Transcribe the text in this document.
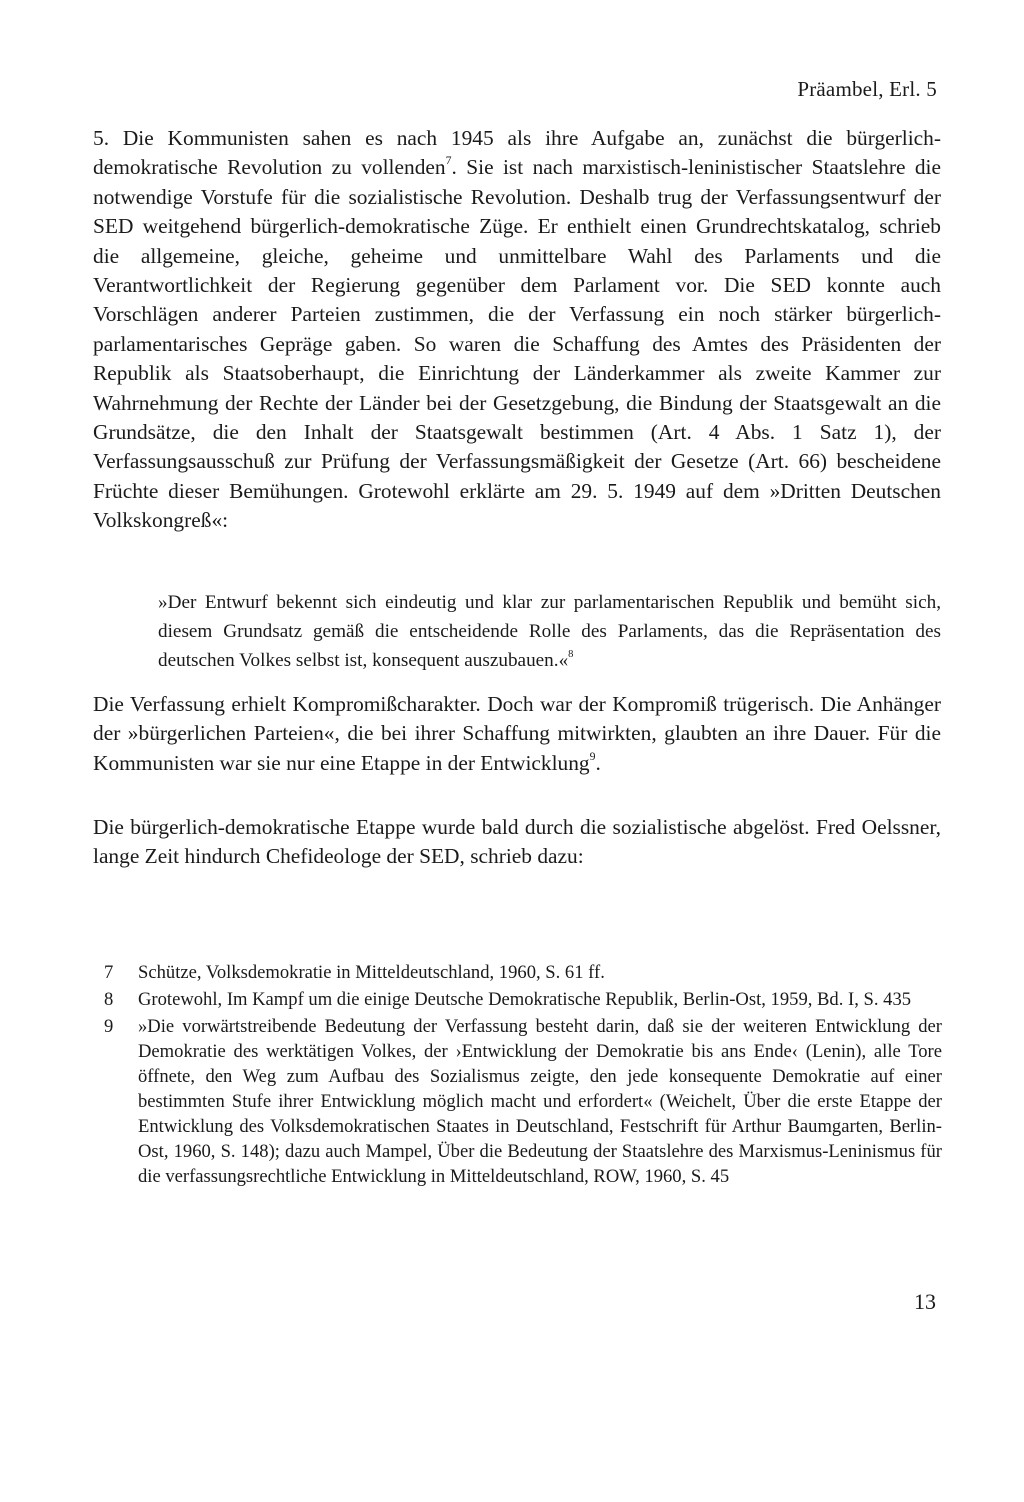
Präambel, Erl. 5

5. Die Kommunisten sahen es nach 1945 als ihre Aufgabe an, zunächst die bürgerlich-demokratische Revolution zu vollenden$^7$. Sie ist nach marxistisch-leninistischer Staatslehre die notwendige Vorstufe für die sozialistische Revolution. Deshalb trug der Verfassungsentwurf der SED weitgehend bürgerlich-demokratische Züge. Er enthielt einen Grundrechtskatalog, schrieb die allgemeine, gleiche, geheime und unmittelbare Wahl des Parlaments und die Verantwortlichkeit der Regierung gegenüber dem Parlament vor. Die SED konnte auch Vorschlägen anderer Parteien zustimmen, die der Verfassung ein noch stärker bürgerlich-parlamentarisches Gepräge gaben. So waren die Schaffung des Amtes des Präsidenten der Republik als Staatsoberhaupt, die Einrichtung der Länderkammer als zweite Kammer zur Wahrnehmung der Rechte der Länder bei der Gesetzgebung, die Bindung der Staatsgewalt an die Grundsätze, die den Inhalt der Staatsgewalt bestimmen (Art. 4 Abs. 1 Satz 1), der Verfassungsausschuß zur Prüfung der Verfassungsmäßigkeit der Gesetze (Art. 66) bescheidene Früchte dieser Bemühungen. Grotewohl erklärte am 29. 5. 1949 auf dem »Dritten Deutschen Volkskongreß«:

»Der Entwurf bekennt sich eindeutig und klar zur parlamentarischen Republik und bemüht sich, diesem Grundsatz gemäß die entscheidende Rolle des Parlaments, das die Repräsentation des deutschen Volkes selbst ist, konsequent auszubauen.«$^8$

Die Verfassung erhielt Kompromißcharakter. Doch war der Kompromiß trügerisch. Die Anhänger der »bürgerlichen Parteien«, die bei ihrer Schaffung mitwirkten, glaubten an ihre Dauer. Für die Kommunisten war sie nur eine Etappe in der Entwicklung$^9$.

Die bürgerlich-demokratische Etappe wurde bald durch die sozialistische abgelöst. Fred Oelssner, lange Zeit hindurch Chefideologe der SED, schrieb dazu:

7	Schütze, Volksdemokratie in Mitteldeutschland, 1960, S. 61 ff.
8	Grotewohl, Im Kampf um die einige Deutsche Demokratische Republik, Berlin-Ost, 1959, Bd. I, S. 435
9	»Die vorwärtstreibende Bedeutung der Verfassung besteht darin, daß sie der weiteren Entwicklung der Demokratie des werktätigen Volkes, der ›Entwicklung der Demokratie bis ans Ende‹ (Lenin), alle Tore öffnete, den Weg zum Aufbau des Sozialismus zeigte, den jede konsequente Demokratie auf einer bestimmten Stufe ihrer Entwicklung möglich macht und erfordert« (Weichelt, Über die erste Etappe der Entwicklung des Volksdemokratischen Staates in Deutschland, Festschrift für Arthur Baumgarten, Berlin-Ost, 1960, S. 148); dazu auch Mampel, Über die Bedeutung der Staatslehre des Marxismus-Leninismus für die verfassungsrechtliche Entwicklung in Mitteldeutschland, ROW, 1960, S. 45
13
